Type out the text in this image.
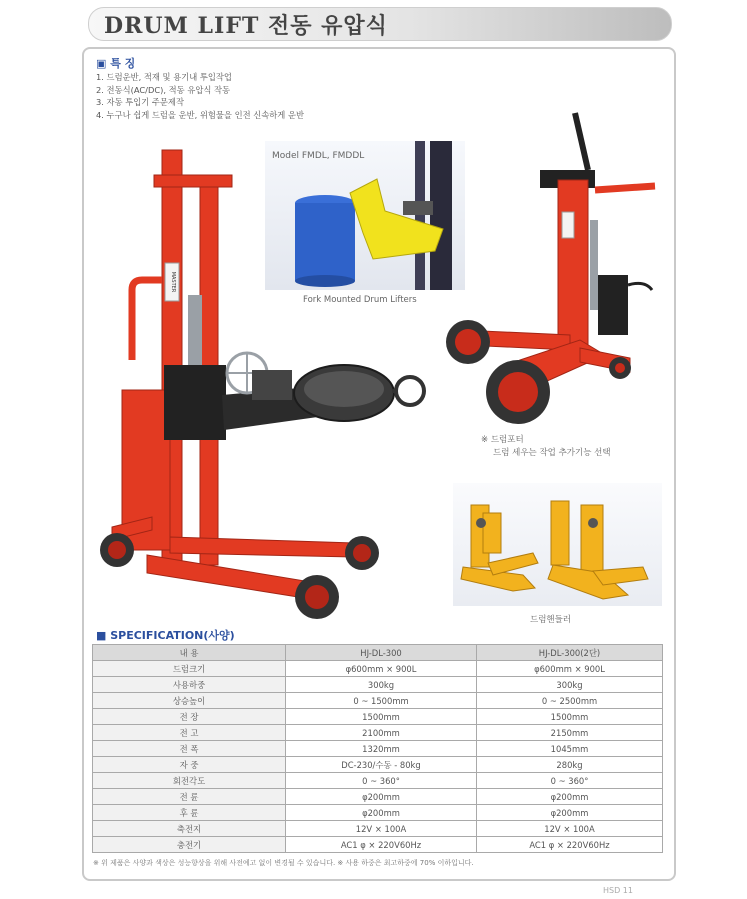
DRUM LIFT 전동 유압식
▣ 특 징
1. 드럼운반, 적재 및 용기내 투입작업
2. 전동식(AC/DC), 적동 유압식 작동
3. 자동 투입기 주문제작
4. 누구나 쉽게 드럼을 운반, 위험물을 인전 신속하게 운반
MASTER
Model FMDL, FMDDL
Fork Mounted Drum Lifters
※ 드럼포터
드럼 세우는 작업 추가기능 선택
드럼핸들러
■ SPECIFICATION(사양)
내 용	HJ-DL-300	HJ-DL-300(2단)
드럼크기	φ600mm × 900L	φ600mm × 900L
사용하중	300kg	300kg
상승높이	0 ~ 1500mm	0 ~ 2500mm
전 장	1500mm	1500mm
전 고	2100mm	2150mm
전 폭	1320mm	1045mm
자 중	DC-230/수동 - 80kg	280kg
회전각도	0 ~ 360°	0 ~ 360°
전 륜	φ200mm	φ200mm
후 륜	φ200mm	φ200mm
축전지	12V × 100A	12V × 100A
충전기	AC1 φ × 220V60Hz	AC1 φ × 220V60Hz
※ 위 제품은 사양과 색상은 성능향상을 위해 사전예고 없이 변경될 수 있습니다. ※ 사용 하중은 최고하중에 70% 이하입니다.
HSD 11
